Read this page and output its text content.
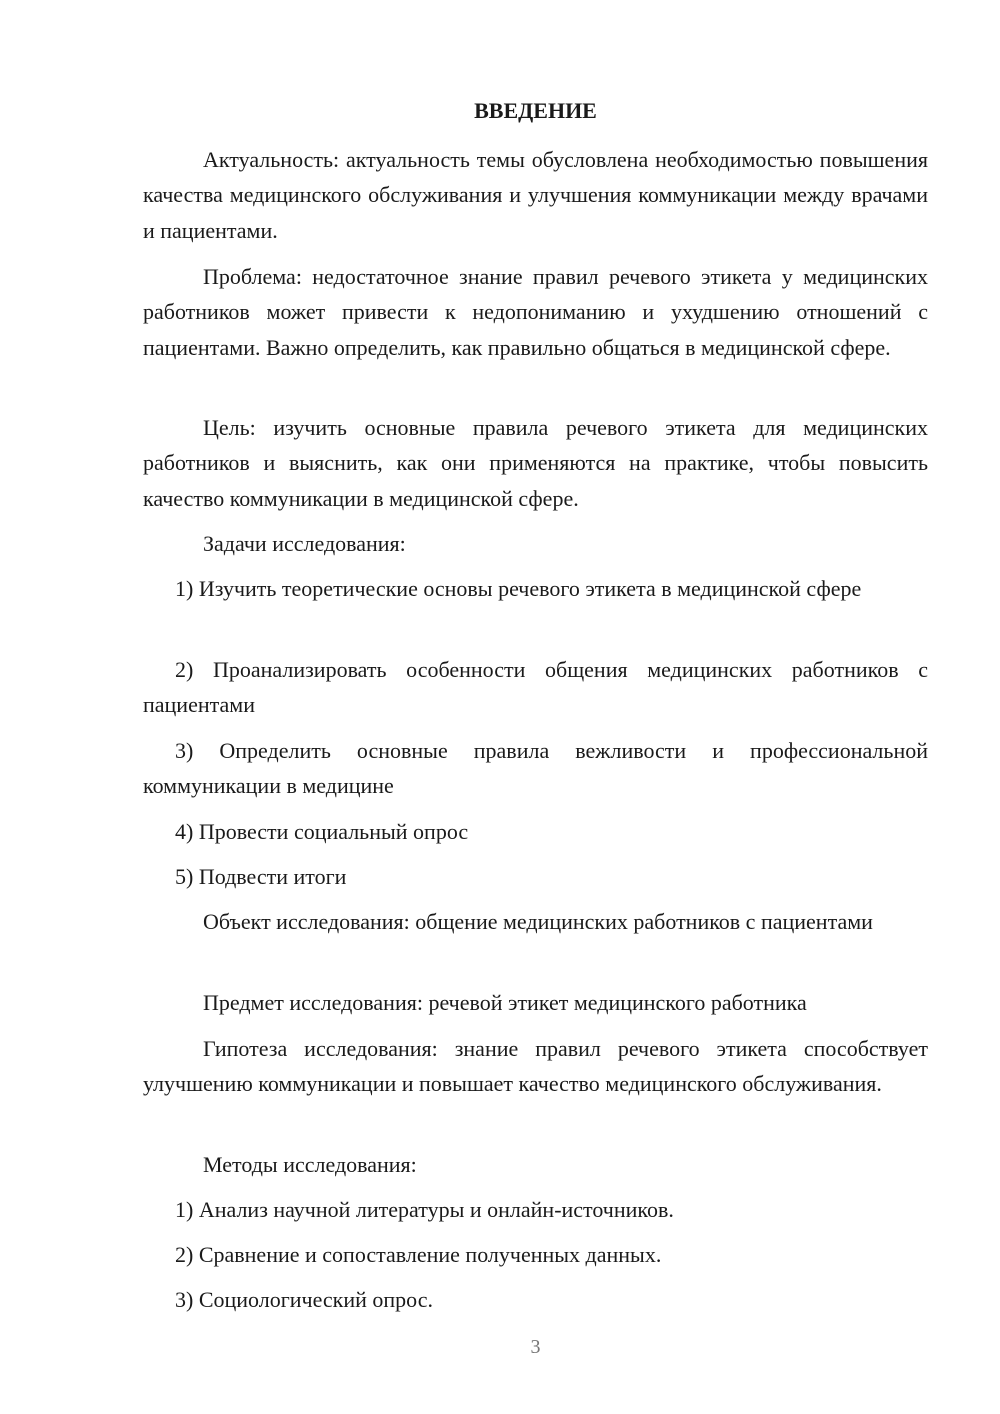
ВВЕДЕНИЕ

Актуальность: актуальность темы обусловлена необходимостью повышения качества медицинского обслуживания и улучшения коммуникации между врачами и пациентами.

Проблема: недостаточное знание правил речевого этикета у медицинских работников может привести к недопониманию и ухудшению отношений с пациентами. Важно определить, как правильно общаться в медицинской сфере.

Цель: изучить основные правила речевого этикета для медицинских работников и выяснить, как они применяются на практике, чтобы повысить качество коммуникации в медицинской сфере.

Задачи исследования:

1) Изучить теоретические основы речевого этикета в медицинской сфере

2) Проанализировать особенности общения медицинских работников с пациентами

3) Определить основные правила вежливости и профессиональной коммуникации в медицине

4) Провести социальный опрос

5) Подвести итоги

Объект исследования: общение медицинских работников с пациентами

Предмет исследования: речевой этикет медицинского работника

Гипотеза исследования: знание правил речевого этикета способствует улучшению коммуникации и повышает качество медицинского обслуживания.

Методы исследования:

1) Анализ научной литературы и онлайн-источников.

2) Сравнение и сопоставление полученных данных.

3) Социологический опрос.

3
